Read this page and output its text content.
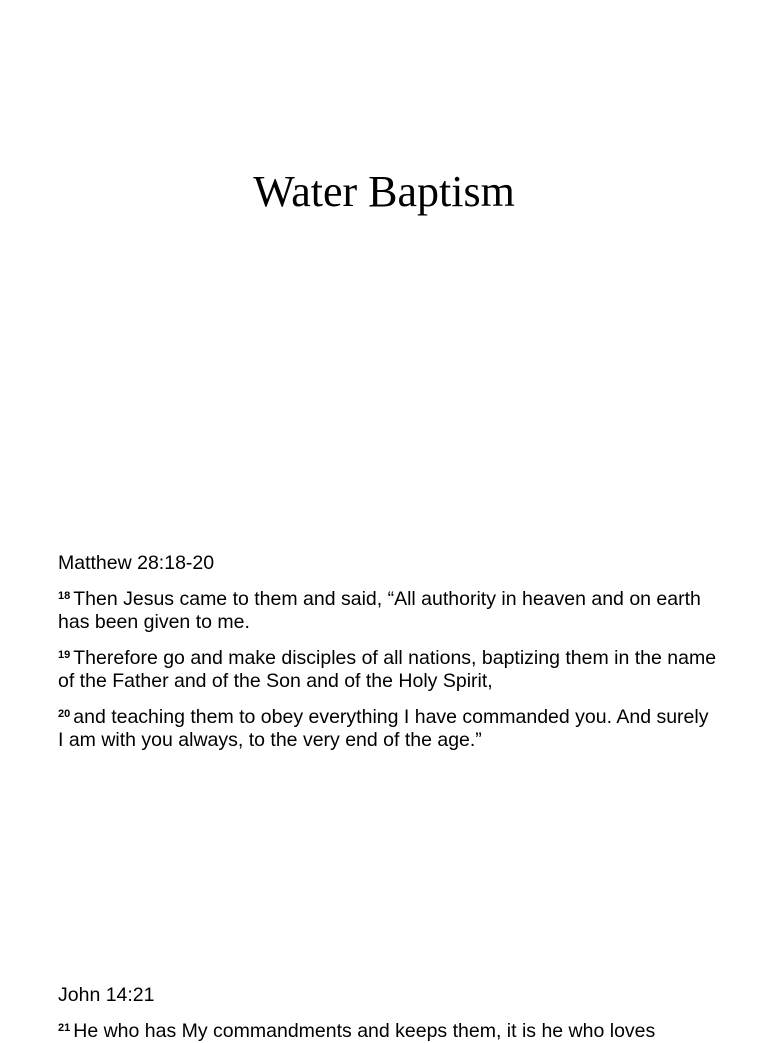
Water Baptism
Matthew 28:18-20
$^{18}$ Then Jesus came to them and said, “All authority in heaven and on earth has been given to me.
$^{19}$ Therefore go and make disciples of all nations, baptizing them in the name of the Father and of the Son and of the Holy Spirit,
$^{20}$ and teaching them to obey everything I have commanded you. And surely I am with you always, to the very end of the age.”
John 14:21
$^{21}$ He who has My commandments and keeps them, it is he who loves
